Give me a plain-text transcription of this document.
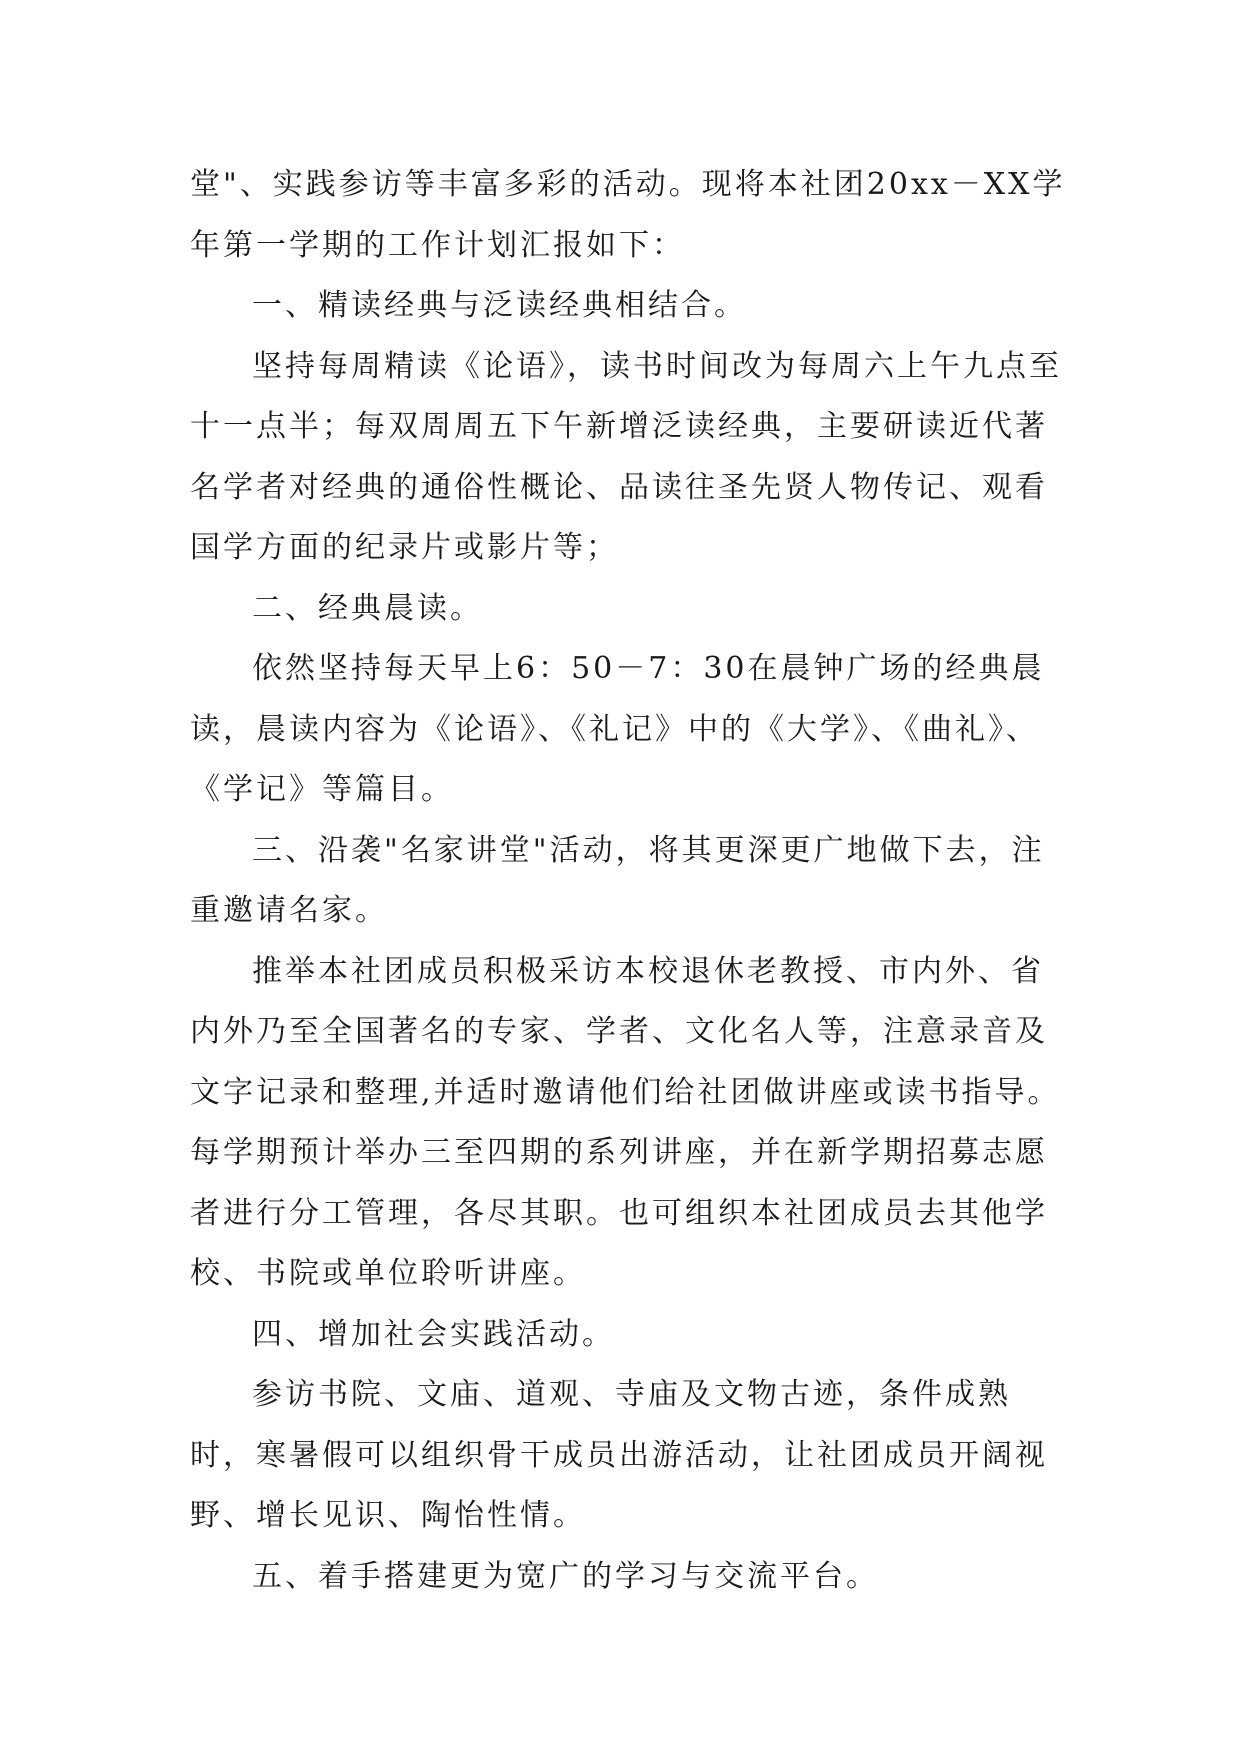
堂"、实践参访等丰富多彩的活动。现将本社团20xx－XX学年第一学期的工作计划汇报如下：

一、精读经典与泛读经典相结合。

坚持每周精读《论语》，读书时间改为每周六上午九点至十一点半；每双周周五下午新增泛读经典，主要研读近代著名学者对经典的通俗性概论、品读往圣先贤人物传记、观看国学方面的纪录片或影片等；

二、经典晨读。

依然坚持每天早上6：50－7：30在晨钟广场的经典晨读，晨读内容为《论语》、《礼记》中的《大学》、《曲礼》、《学记》等篇目。

三、沿袭"名家讲堂"活动，将其更深更广地做下去，注重邀请名家。

推举本社团成员积极采访本校退休老教授、市内外、省内外乃至全国著名的专家、学者、文化名人等，注意录音及文字记录和整理,并适时邀请他们给社团做讲座或读书指导。每学期预计举办三至四期的系列讲座，并在新学期招募志愿者进行分工管理，各尽其职。也可组织本社团成员去其他学校、书院或单位聆听讲座。

四、增加社会实践活动。

参访书院、文庙、道观、寺庙及文物古迹，条件成熟时，寒暑假可以组织骨干成员出游活动，让社团成员开阔视野、增长见识、陶怡性情。

五、着手搭建更为宽广的学习与交流平台。
